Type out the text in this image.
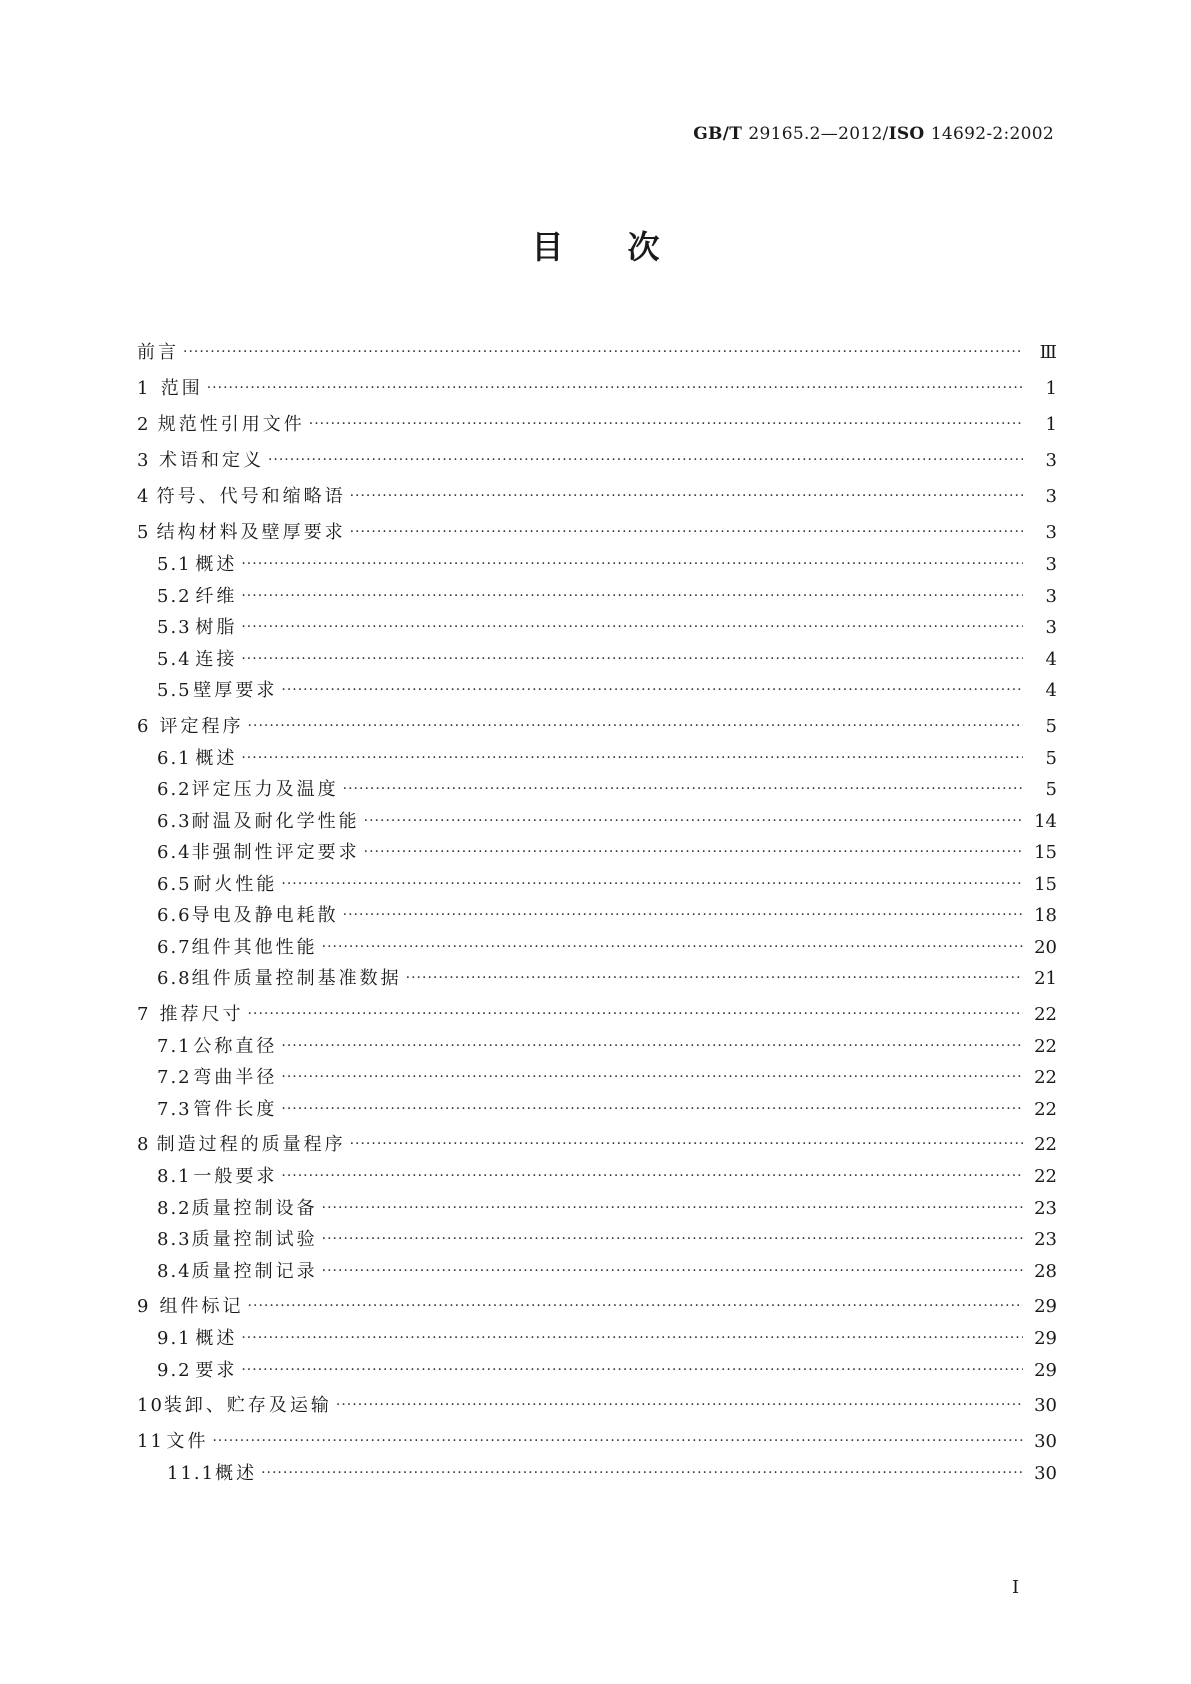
GB/T 29165.2—2012/ISO 14692-2:2002
目 次
前言 ·····	Ⅲ
1 范围 ·····	1
2 规范性引用文件 ·····	1
3 术语和定义 ·····	3
4 符号、代号和缩略语 ·····	3
5 结构材料及壁厚要求 ·····	3
5.1 概述 ·····	3
5.2 纤维 ·····	3
5.3 树脂 ·····	3
5.4 连接 ·····	4
5.5 壁厚要求 ·····	4
6 评定程序 ·····	5
6.1 概述 ·····	5
6.2 评定压力及温度 ·····	5
6.3 耐温及耐化学性能 ·····	14
6.4 非强制性评定要求 ·····	15
6.5 耐火性能 ·····	15
6.6 导电及静电耗散 ·····	18
6.7 组件其他性能 ·····	20
6.8 组件质量控制基准数据 ·····	21
7 推荐尺寸 ·····	22
7.1 公称直径 ·····	22
7.2 弯曲半径 ·····	22
7.3 管件长度 ·····	22
8 制造过程的质量程序 ·····	22
8.1 一般要求 ·····	22
8.2 质量控制设备 ·····	23
8.3 质量控制试验 ·····	23
8.4 质量控制记录 ·····	28
9 组件标记 ·····	29
9.1 概述 ·····	29
9.2 要求 ·····	29
10 装卸、贮存及运输 ·····	30
11 文件 ·····	30
11.1 概述 ·····	30
I
